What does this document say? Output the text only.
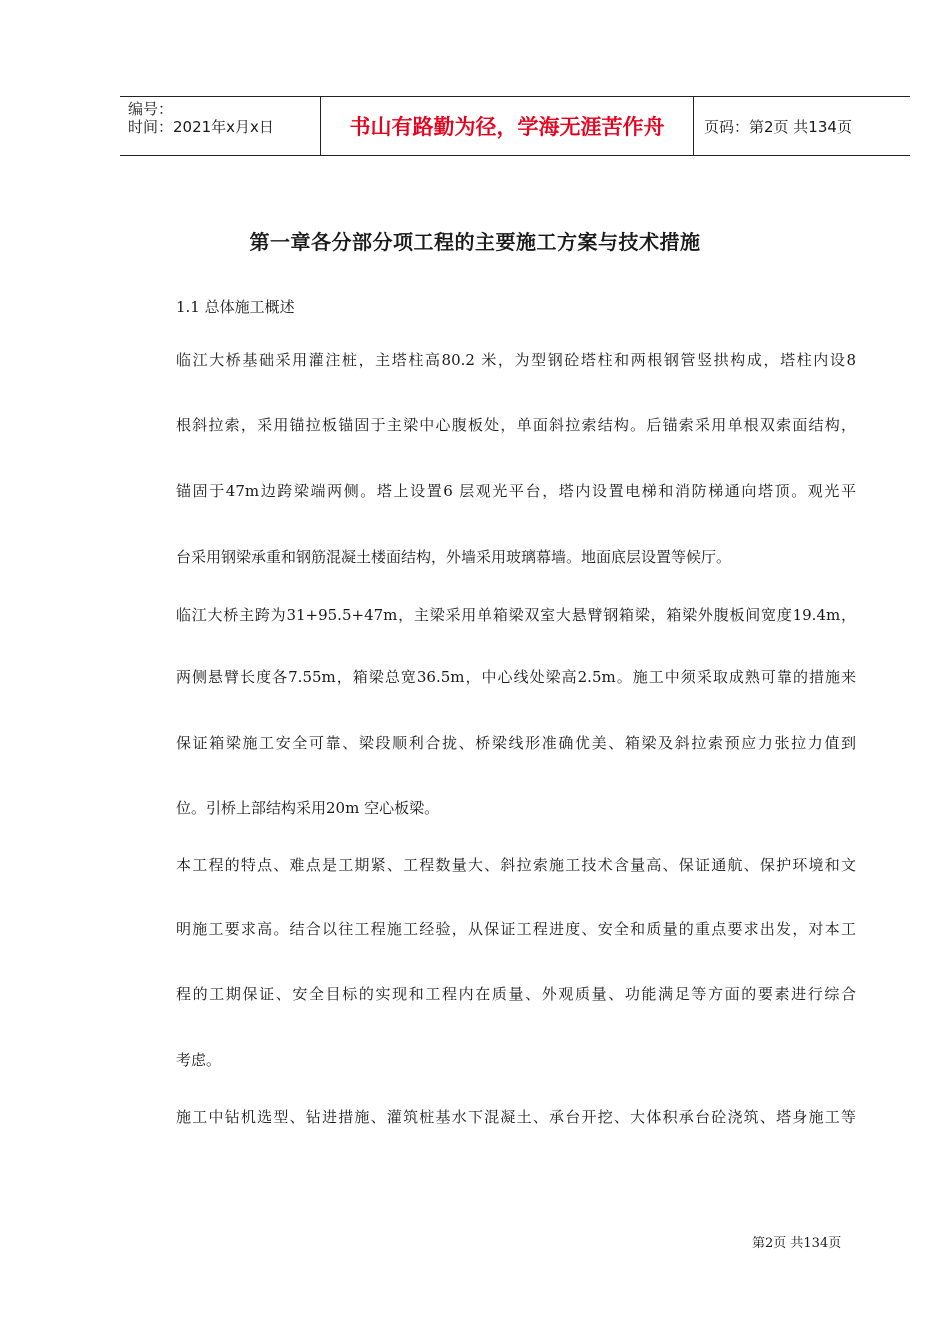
编号：
时间：2021年x月x日	书山有路勤为径，学海无涯苦作舟	页码：第2页 共134页
第一章各分部分项工程的主要施工方案与技术措施
1.1 总体施工概述
临江大桥基础采用灌注桩，主塔柱高80.2 米，为型钢砼塔柱和两根钢管竖拱构成，塔柱内设8
根斜拉索，采用锚拉板锚固于主梁中心腹板处，单面斜拉索结构。后锚索采用单根双索面结构，
锚固于47m边跨梁端两侧。塔上设置6 层观光平台，塔内设置电梯和消防梯通向塔顶。观光平
台采用钢梁承重和钢筋混凝土楼面结构，外墙采用玻璃幕墙。地面底层设置等候厅。
临江大桥主跨为31+95.5+47m，主梁采用单箱梁双室大悬臂钢箱梁，箱梁外腹板间宽度19.4m，
两侧悬臂长度各7.55m，箱梁总宽36.5m，中心线处梁高2.5m。施工中须采取成熟可靠的措施来
保证箱梁施工安全可靠、梁段顺利合拢、桥梁线形准确优美、箱梁及斜拉索预应力张拉力值到
位。引桥上部结构采用20m 空心板梁。
本工程的特点、难点是工期紧、工程数量大、斜拉索施工技术含量高、保证通航、保护环境和文
明施工要求高。结合以往工程施工经验，从保证工程进度、安全和质量的重点要求出发，对本工
程的工期保证、安全目标的实现和工程内在质量、外观质量、功能满足等方面的要素进行综合
考虑。
施工中钻机选型、钻进措施、灌筑桩基水下混凝土、承台开挖、大体积承台砼浇筑、塔身施工等
第2页 共134页
